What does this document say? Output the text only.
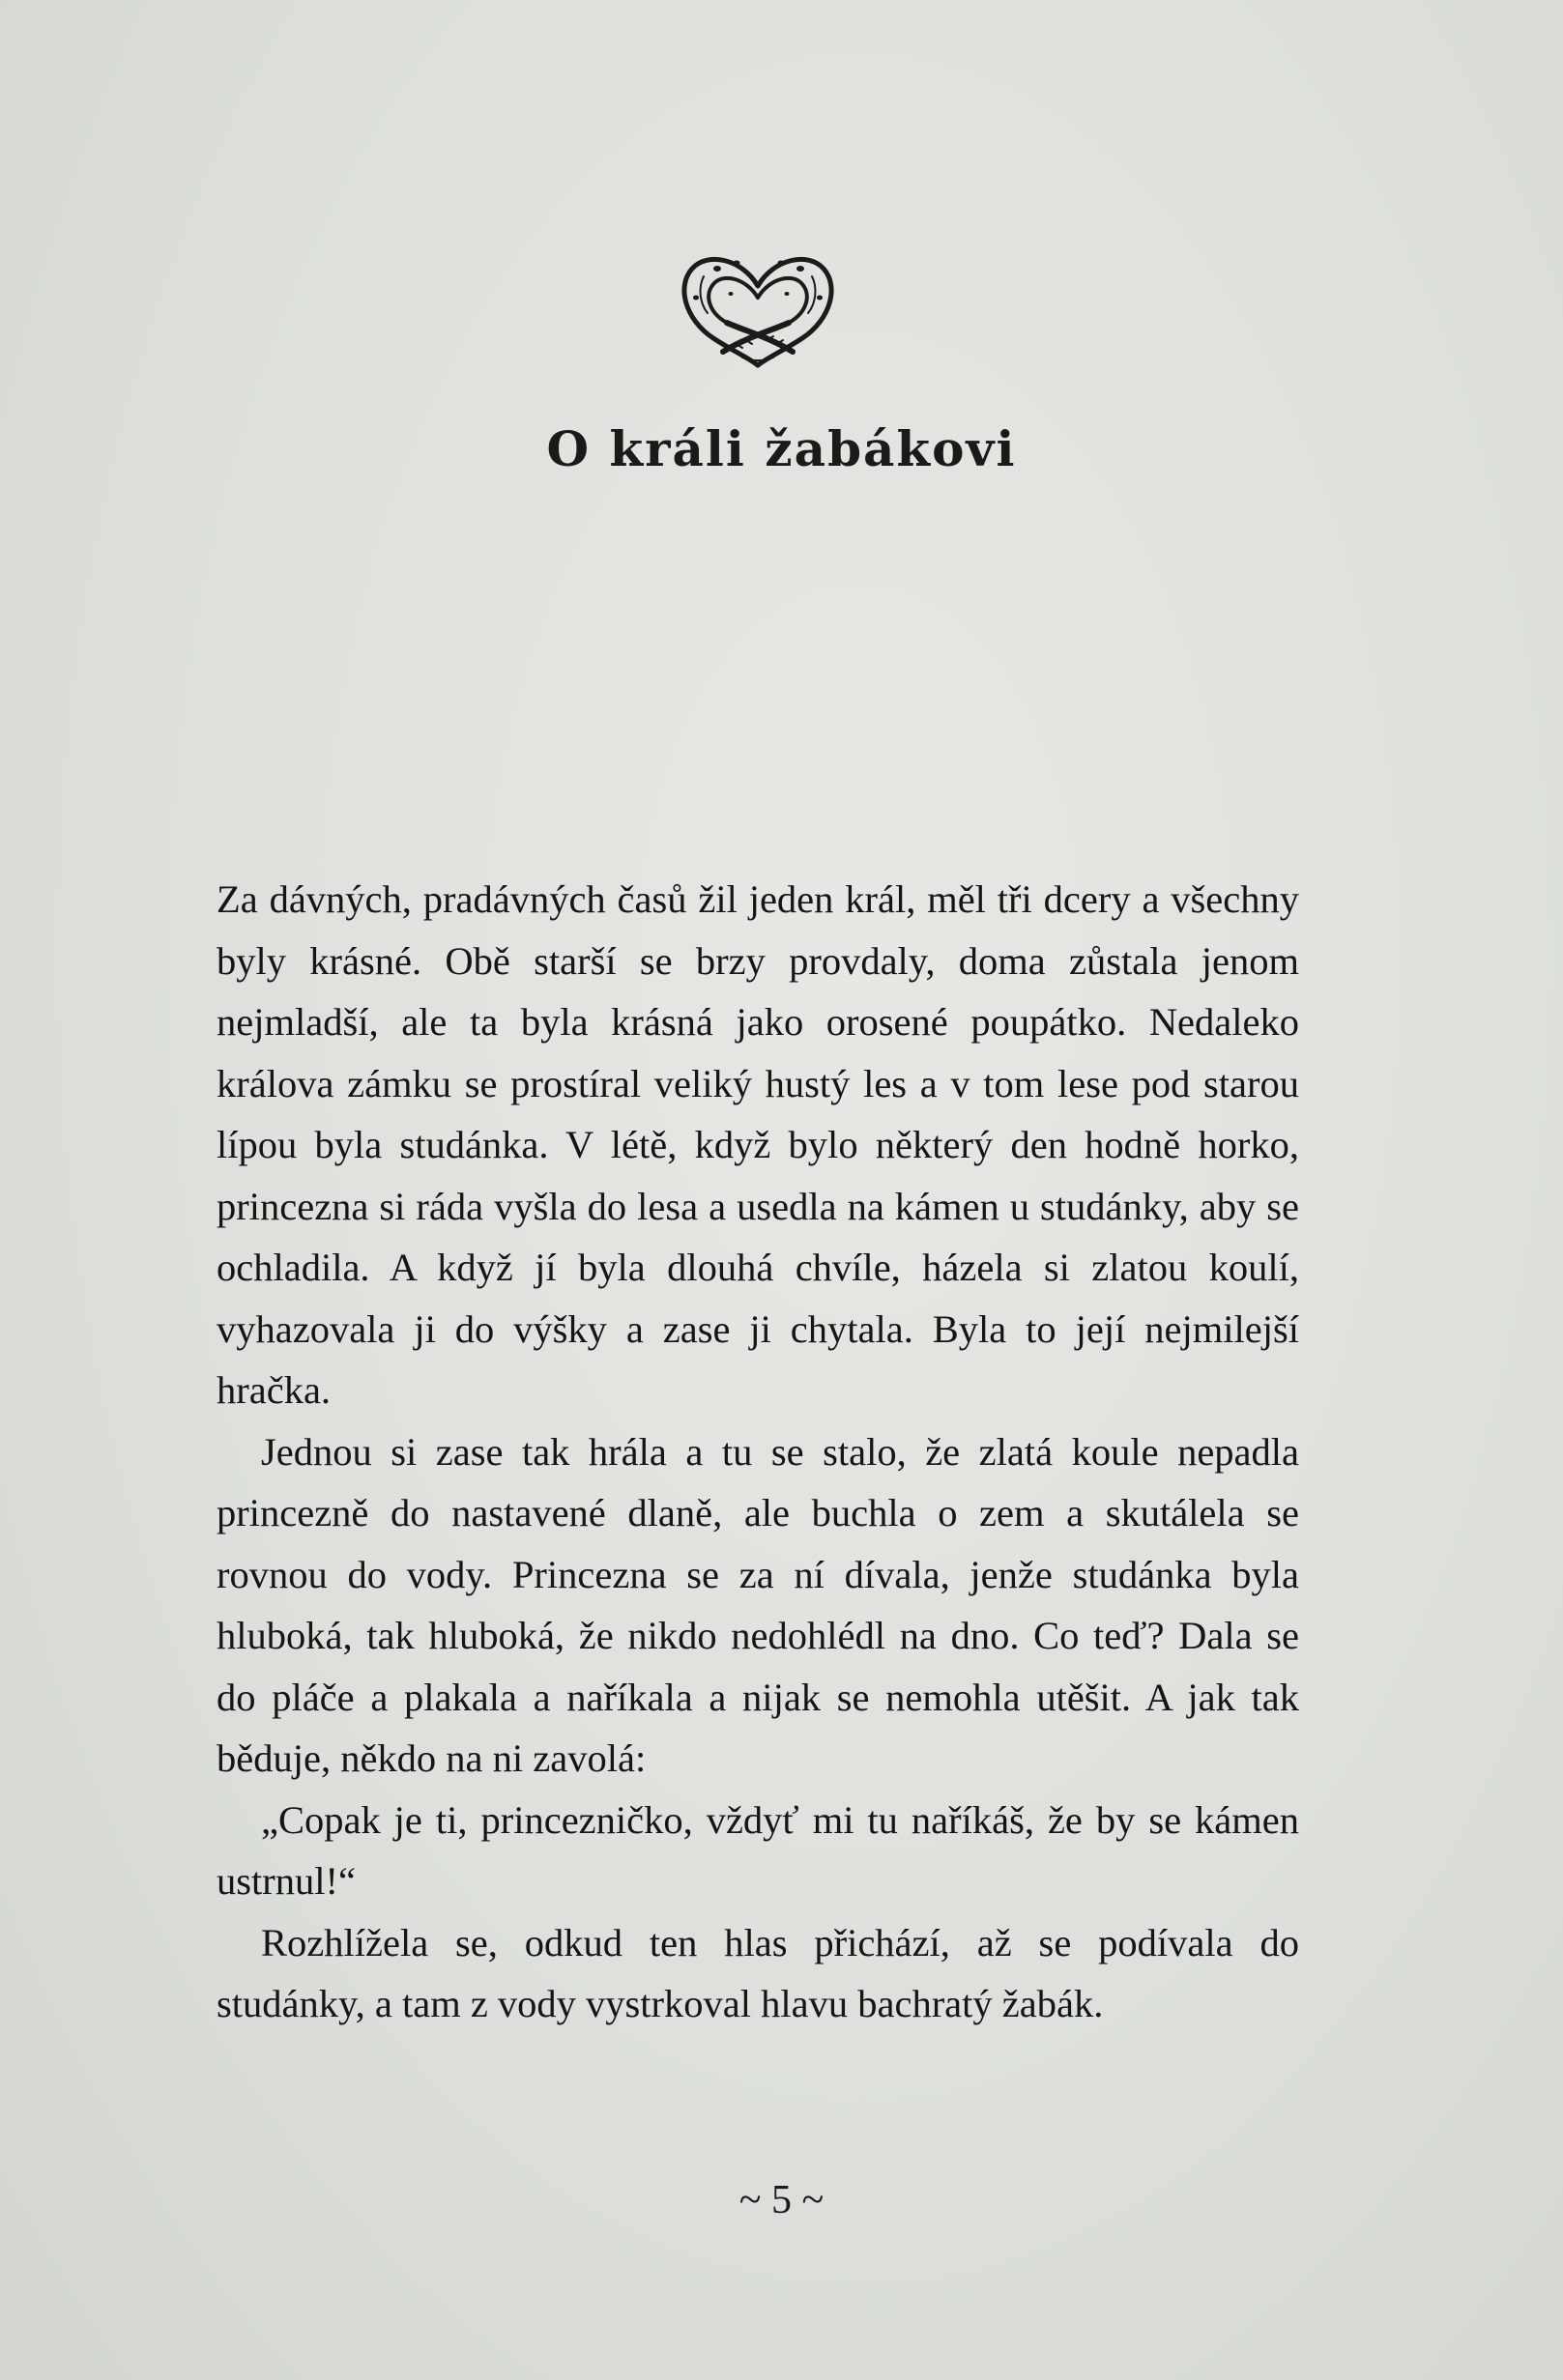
O králi žabákovi

Za dávných, pradávných časů žil jeden král, měl tři dcery a všechny byly krásné. Obě starší se brzy provdaly, doma zůstala jenom nejmladší, ale ta byla krásná jako orosené poupátko. Nedaleko králova zámku se prostíral veliký hustý les a v tom lese pod starou lípou byla studánka. V létě, když bylo některý den hodně horko, princezna si ráda vyšla do lesa a usedla na kámen u studánky, aby se ochladila. A když jí byla dlouhá chvíle, házela si zlatou koulí, vyhazovala ji do výšky a zase ji chytala. Byla to její nejmilejší hračka.

Jednou si zase tak hrála a tu se stalo, že zlatá koule nepadla princezně do nastavené dlaně, ale buchla o zem a skutálela se rovnou do vody. Princezna se za ní dívala, jenže studánka byla hluboká, tak hluboká, že nikdo nedohlédl na dno. Co teď? Dala se do pláče a plakala a naříkala a nijak se nemohla utěšit. A jak tak běduje, někdo na ni zavolá:

„Copak je ti, princezničko, vždyť mi tu naříkáš, že by se kámen ustrnul!“

Rozhlížela se, odkud ten hlas přichází, až se podívala do studánky, a tam z vody vystrkoval hlavu bachratý žabák.

~ 5 ~
